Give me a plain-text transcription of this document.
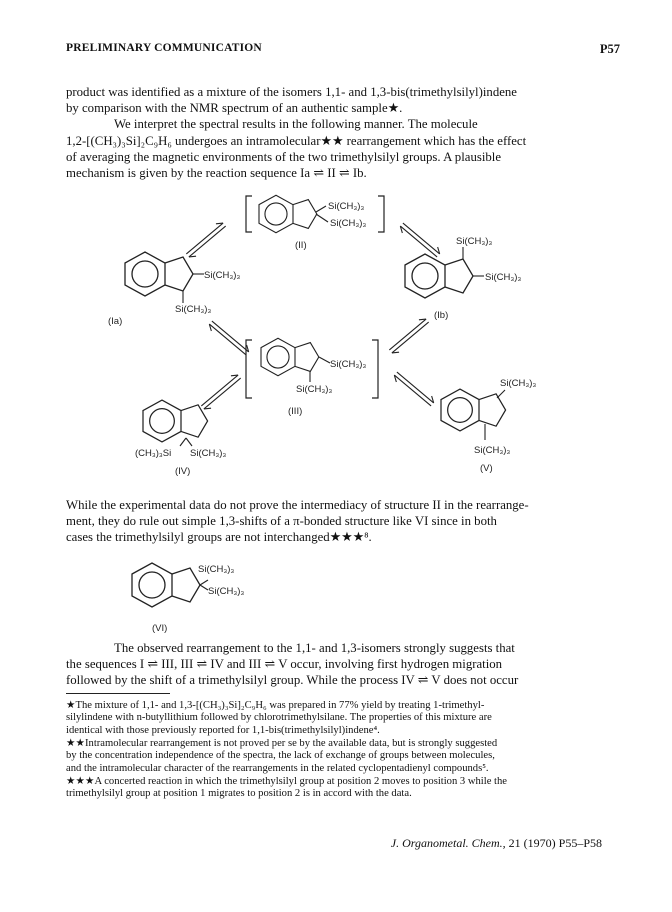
PRELIMINARY COMMUNICATION	P57
product was identified as a mixture of the isomers 1,1- and 1,3-bis(trimethylsilyl)indene
by comparison with the NMR spectrum of an authentic sample★.
We interpret the spectral results in the following manner. The molecule
1,2-[(CH₃)₃Si]₂C₉H₆ undergoes an intramolecular★★ rearrangement which has the effect
of averaging the magnetic environments of the two trimethylsilyl groups. A plausible
mechanism is given by the reaction sequence Ia ⇌ II ⇌ Ib.
Si(CH₃)₃
Si(CH₃)₃
(II)
Si(CH₃)₃
Si(CH₃)₃
(Ia)
Si(CH₃)₃
Si(CH₃)₃
(Ib)
Si(CH₃)₃
Si(CH₃)₃
(III)
(CH₃)₃Si Si(CH₃)₃
(IV)
Si(CH₃)₃
Si(CH₃)₃
(V)
Si(CH₃)₃
Si(CH₃)₃
(VI)
While the experimental data do not prove the intermediacy of structure II in the rearrange-
ment, they do rule out simple 1,3-shifts of a π-bonded structure like VI since in both
cases the trimethylsilyl groups are not interchanged★★★⁸.
The observed rearrangement to the 1,1- and 1,3-isomers strongly suggests that
the sequences I ⇌ III, III ⇌ IV and III ⇌ V occur, involving first hydrogen migration
followed by the shift of a trimethylsilyl group. While the process IV ⇌ V does not occur
★The mixture of 1,1- and 1,3-[(CH₃)₃Si]₂C₉H₆ was prepared in 77% yield by treating 1-trimethyl-
silylindene with n-butyllithium followed by chlorotrimethylsilane. The properties of this mixture are
identical with those previously reported for 1,1-bis(trimethylsilyl)indene⁴.
★★Intramolecular rearrangement is not proved per se by the available data, but is strongly suggested
by the concentration independence of the spectra, the lack of exchange of groups between molecules,
and the intramolecular character of the rearrangements in the related cyclopentadienyl compounds⁵.
★★★A concerted reaction in which the trimethylsilyl group at position 2 moves to position 3 while the
trimethylsilyl group at position 1 migrates to position 2 is in accord with the data.
J. Organometal. Chem., 21 (1970) P55–P58
